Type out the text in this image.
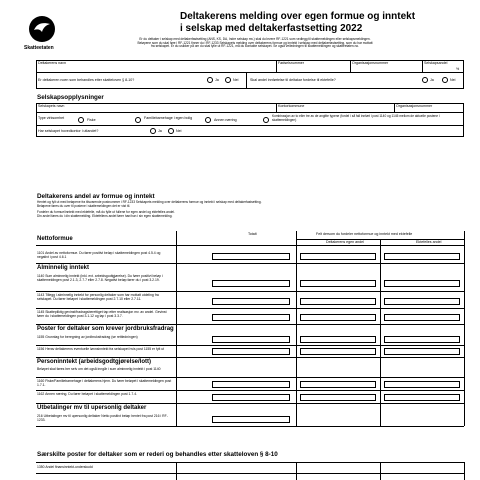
Skatteetaten
Deltakerens melding over egen formue og inntekt
i selskap med deltakerfastsetting 2022
Er du deltaker i selskap med deltakerfastsetting (ANS, KS, DA, Indre selskap mv.) skal du levere RF-1221 som vedlegg til skattemeldingen eller selskapsmeldingen.
Beløpene som du skal føre i RF-1221 finner du i RF-1233 Selskapets melding over deltakerens formue og inntekt i selskap med deltakerfastsetting, som du har mottatt
fra selskapet. Er du usikker på om du skal fylle ut RF-1221, må du kontakte selskapet. Se også veiledningen til skattemeldingen og skatteetaten.no.
Deltakerens navn	Fødselsnummer	Organisasjonsnummer	Selskapsandel
%
Er deltakeren noen som behandles etter skatteloven § 8-10?	Ja	Nei	Skal andel innførtelse til deltakar fordelse til ektefelle?	Ja	Nei
Selskapsopplysninger
Selskapets navn	Kontorkommune	Organisasjonsnummer
Type virksomhet	Fiske	Familiebarnehage i egen bolig	Annen næring
Kombinasjon av to eller tre av de angitte typene (fordel i så fall innført i post 1140 og 1145 mellom de aktuelle postene i skattemeldingen)
Har selskapet hovedkontor i utlandet?	Ja	Nei
Deltakerens andel av formue og inntekt
Hentet og fylt ut med beløpene fra tilsvarende postnummer i RF-1233 Selskapets melding over deltakerens formue og inntekt i selskap med deltakerfastsetting.
Beløpene føres du over til postene i skattemeldingen det er vist til.
Fordeler du formue/inntekt med ektefelle, må du fylle ut fullene for egen andel og ektefelles andel.
Din andel føres du i din skattemelding. Ektefellens andel fører han/hun i sin egen skattemelding.
Totalt	Felt dersom du fordeler nettoformue og inntekt med ektefelle
Deltakerens egen andel	Ektefelles andel
Nettoformue
1101 Andel av nettoformue. Du fører positivt beløp i skattemeldingen post 4.5.4 og negativt i post 4.6.1
Alminnelig inntekt
1140 Sum alminnelig inntekt (inkl. evt. arbeidsgodtgjørelse). Du fører positivt beløp i skattemeldingen post 2.1.3, 2.7.7 eller 2.7.8. Negativt beløp fører du i post 3.2.19.
1143 Tillegg i alminnelig inntekt for personlig deltaker som har mottatt utdeling fra selskapet. Du fører beløpet i skattemeldingen post 2.7.10 eller 2.7.11.
1145 Skattepliktig gevinst/fradragsberettiget tap etter realisasjon mv. av andel. Gevinst fører du i skattemeldingen post 3.1.12 og tap i post 3.3.7.
Poster for deltaker som krever jordbruksfradrag
1155 Grunnlag for beregning av jordbruksfradrag (se rettledningen)
1156 Herav deltakerens eventuelle lønnsinntekt fra selskapet hvis post 1155 er fylt ut
Personinntekt (arbeidsgodtgjørelse/lott)
Beløpet skal føres her selv om det også inngår i sum alminnelig inntekt i post 1140
1160 Fiske/Familiebarnehage i deltakerens hjem. Du fører beløpet i skattemeldingen post 1.7.1.
1162 Annen næring. Du fører beløpet i skattemeldingen post 1.7.4.
Utbetalinger mv til upersonlig deltaker
216 Utbetalinger mv til upersonlig deltaker Netto positivt beløp hentet fra post 216 i RF-1233.
Særskilte poster for deltaker som er rederi og behandles etter skatteloven § 8-10
1350 Andel finansinntekt-underskudd
